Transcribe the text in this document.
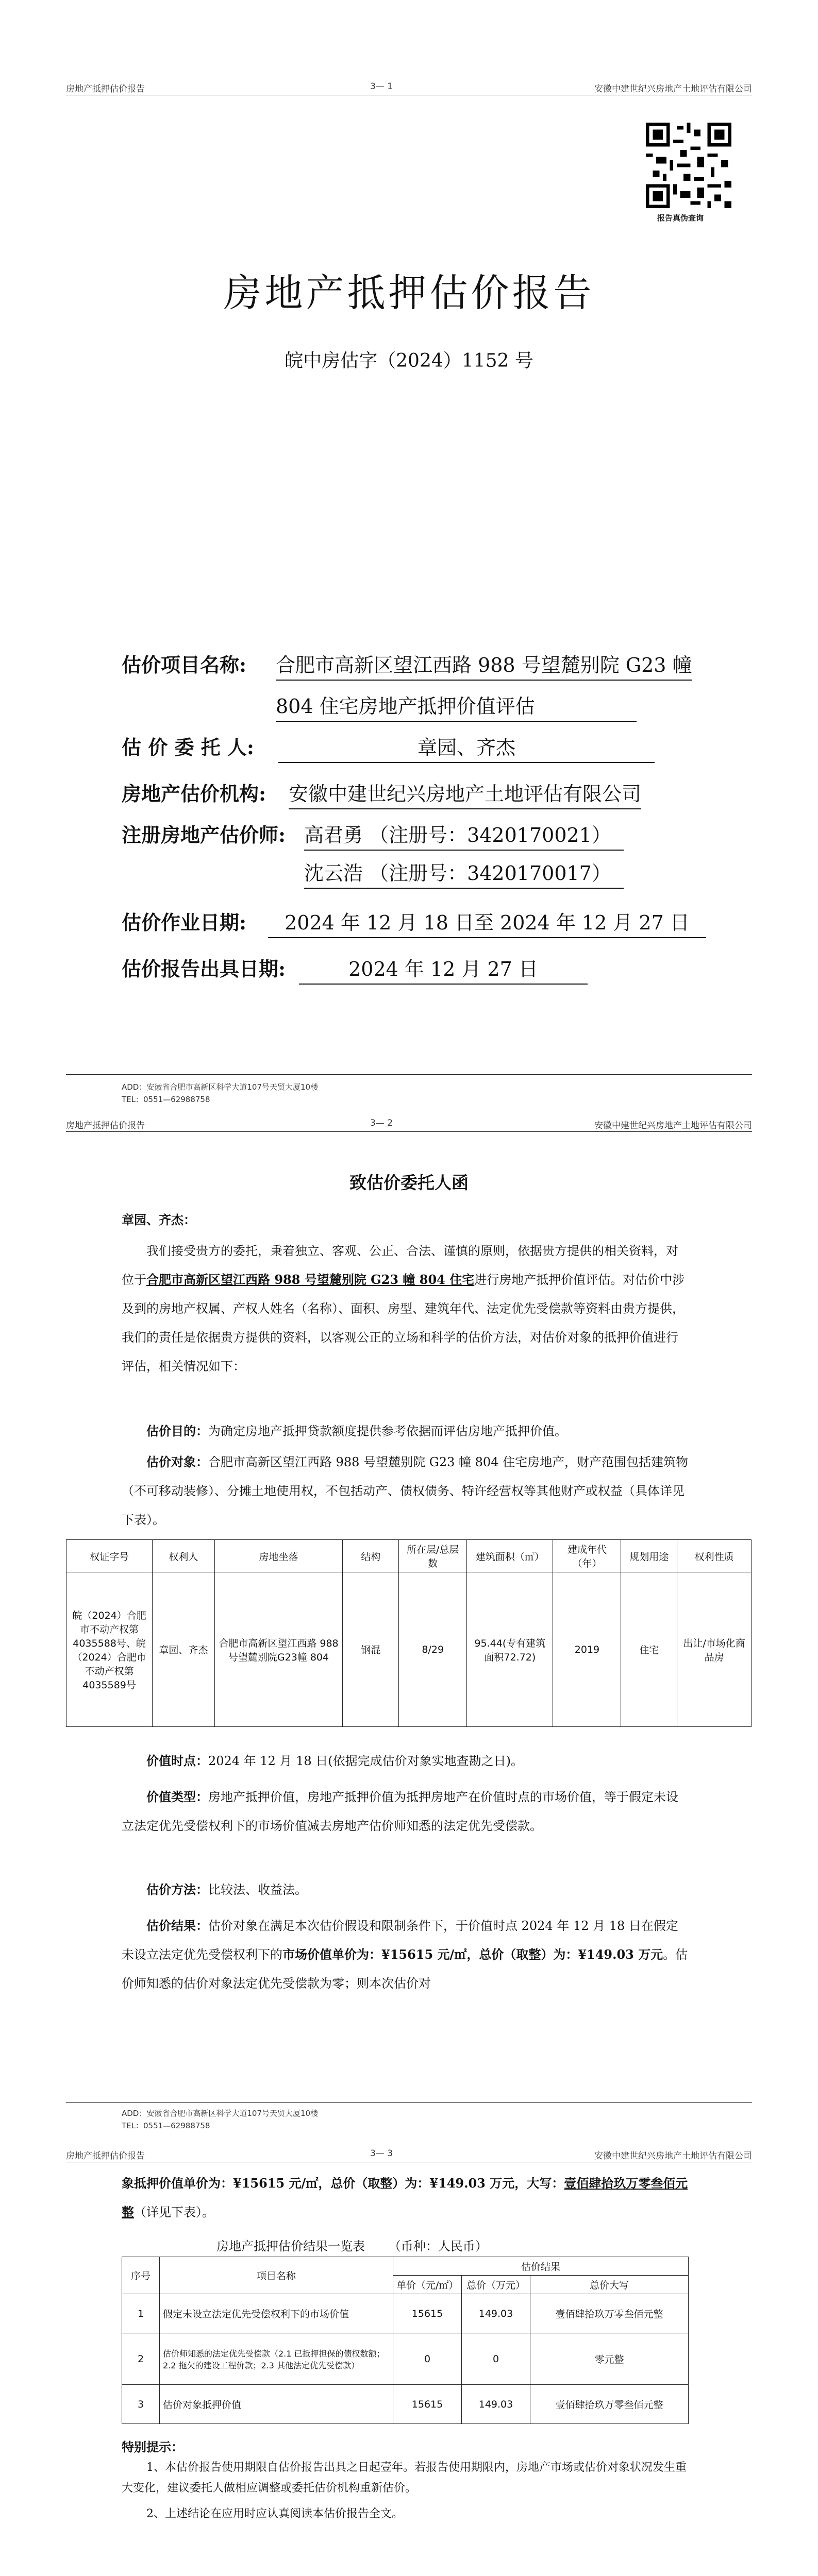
房地产抵押估价报告	3— 1	安徽中建世纪兴房地产土地评估有限公司
报告真伪查询
房地产抵押估价报告
皖中房估字（2024）1152 号
估价项目名称: 合肥市高新区望江西路 988 号望麓别院 G23 幢
804 住宅房地产抵押价值评估
估 价 委 托 人:	章园、齐杰
房地产估价机构: 安徽中建世纪兴房地产土地评估有限公司
注册房地产估价师: 高君勇 （注册号：3420170021）
沈云浩 （注册号：3420170017）
估价作业日期:	2024 年 12 月 18 日至 2024 年 12 月 27 日
估价报告出具日期:	2024 年 12 月 27 日
ADD：安徽省合肥市高新区科学大道107号天贸大厦10楼
TEL：0551—62988758
房地产抵押估价报告	3— 2	安徽中建世纪兴房地产土地评估有限公司
致估价委托人函
章园、齐杰：
我们接受贵方的委托，秉着独立、客观、公正、合法、谨慎的原则，依据贵方提供的相关资料，对位于合肥市高新区望江西路 988 号望麓别院 G23 幢 804 住宅进行房地产抵押价值评估。对估价中涉及到的房地产权属、产权人姓名（名称）、面积、房型、建筑年代、法定优先受偿款等资料由贵方提供，我们的责任是依据贵方提供的资料，以客观公正的立场和科学的估价方法，对估价对象的抵押价值进行评估，相关情况如下：
估价目的：为确定房地产抵押贷款额度提供参考依据而评估房地产抵押价值。
估价对象：合肥市高新区望江西路 988 号望麓别院 G23 幢 804 住宅房地产，财产范围包括建筑物（不可移动装修）、分摊土地使用权，不包括动产、债权债务、特许经营权等其他财产或权益（具体详见下表）。
权证字号	权利人	房地坐落	结构	所在层/总层数	建筑面积（㎡）	建成年代（年）	规划用途	权利性质
皖（2024）合肥市不动产权第4035588号、皖（2024）合肥市不动产权第4035589号	章园、齐杰	合肥市高新区望江西路 988号望麓别院G23幢 804	钢混	8/29	95.44(专有建筑面积72.72)	2019	住宅	出让/市场化商品房
价值时点：2024 年 12 月 18 日(依据完成估价对象实地查勘之日)。
价值类型：房地产抵押价值，房地产抵押价值为抵押房地产在价值时点的市场价值，等于假定未设立法定优先受偿权利下的市场价值减去房地产估价师知悉的法定优先受偿款。
估价方法：比较法、收益法。
估价结果：估价对象在满足本次估价假设和限制条件下，于价值时点 2024 年 12 月 18 日在假定未设立法定优先受偿权利下的市场价值单价为：¥15615 元/㎡，总价（取整）为：¥149.03 万元。估价师知悉的估价对象法定优先受偿款为零；则本次估价对
ADD：安徽省合肥市高新区科学大道107号天贸大厦10楼
TEL：0551—62988758
房地产抵押估价报告	3— 3	安徽中建世纪兴房地产土地评估有限公司
象抵押价值单价为：¥15615 元/㎡，总价（取整）为：¥149.03 万元，大写：壹佰肆拾玖万零叁佰元整（详见下表）。
房地产抵押估价结果一览表 （币种：人民币）
序号	项目名称	估价结果		
		单价（元/㎡）	总价（万元）	总价大写
1	假定未设立法定优先受偿权利下的市场价值	15615	149.03	壹佰肆拾玖万零叁佰元整
2	估价师知悉的法定优先受偿款（2.1 已抵押担保的债权数额；2.2 拖欠的建设工程价款；2.3 其他法定优先受偿款）	0	0	零元整
3	估价对象抵押价值	15615	149.03	壹佰肆拾玖万零叁佰元整
特别提示：
1、本估价报告使用期限自估价报告出具之日起壹年。若报告使用期限内，房地产市场或估价对象状况发生重大变化，建议委托人做相应调整或委托估价机构重新估价。
2、上述结论在应用时应认真阅读本估价报告全文。
